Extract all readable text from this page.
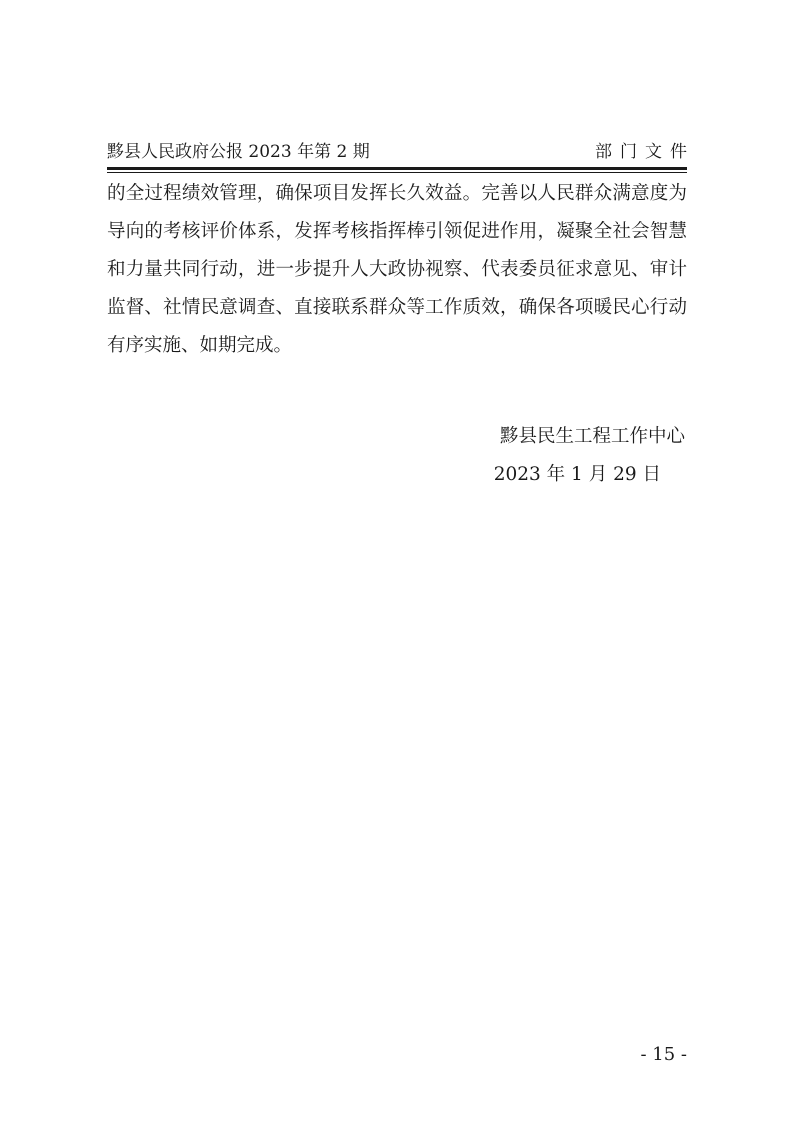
黟县人民政府公报 2023 年第 2 期	部门文件
的全过程绩效管理，确保项目发挥长久效益。完善以人民群众满意度为
导向的考核评价体系，发挥考核指挥棒引领促进作用，凝聚全社会智慧
和力量共同行动，进一步提升人大政协视察、代表委员征求意见、审计
监督、社情民意调查、直接联系群众等工作质效，确保各项暖民心行动
有序实施、如期完成。
黟县民生工程工作中心
2023 年 1 月 29 日
- 15 -
